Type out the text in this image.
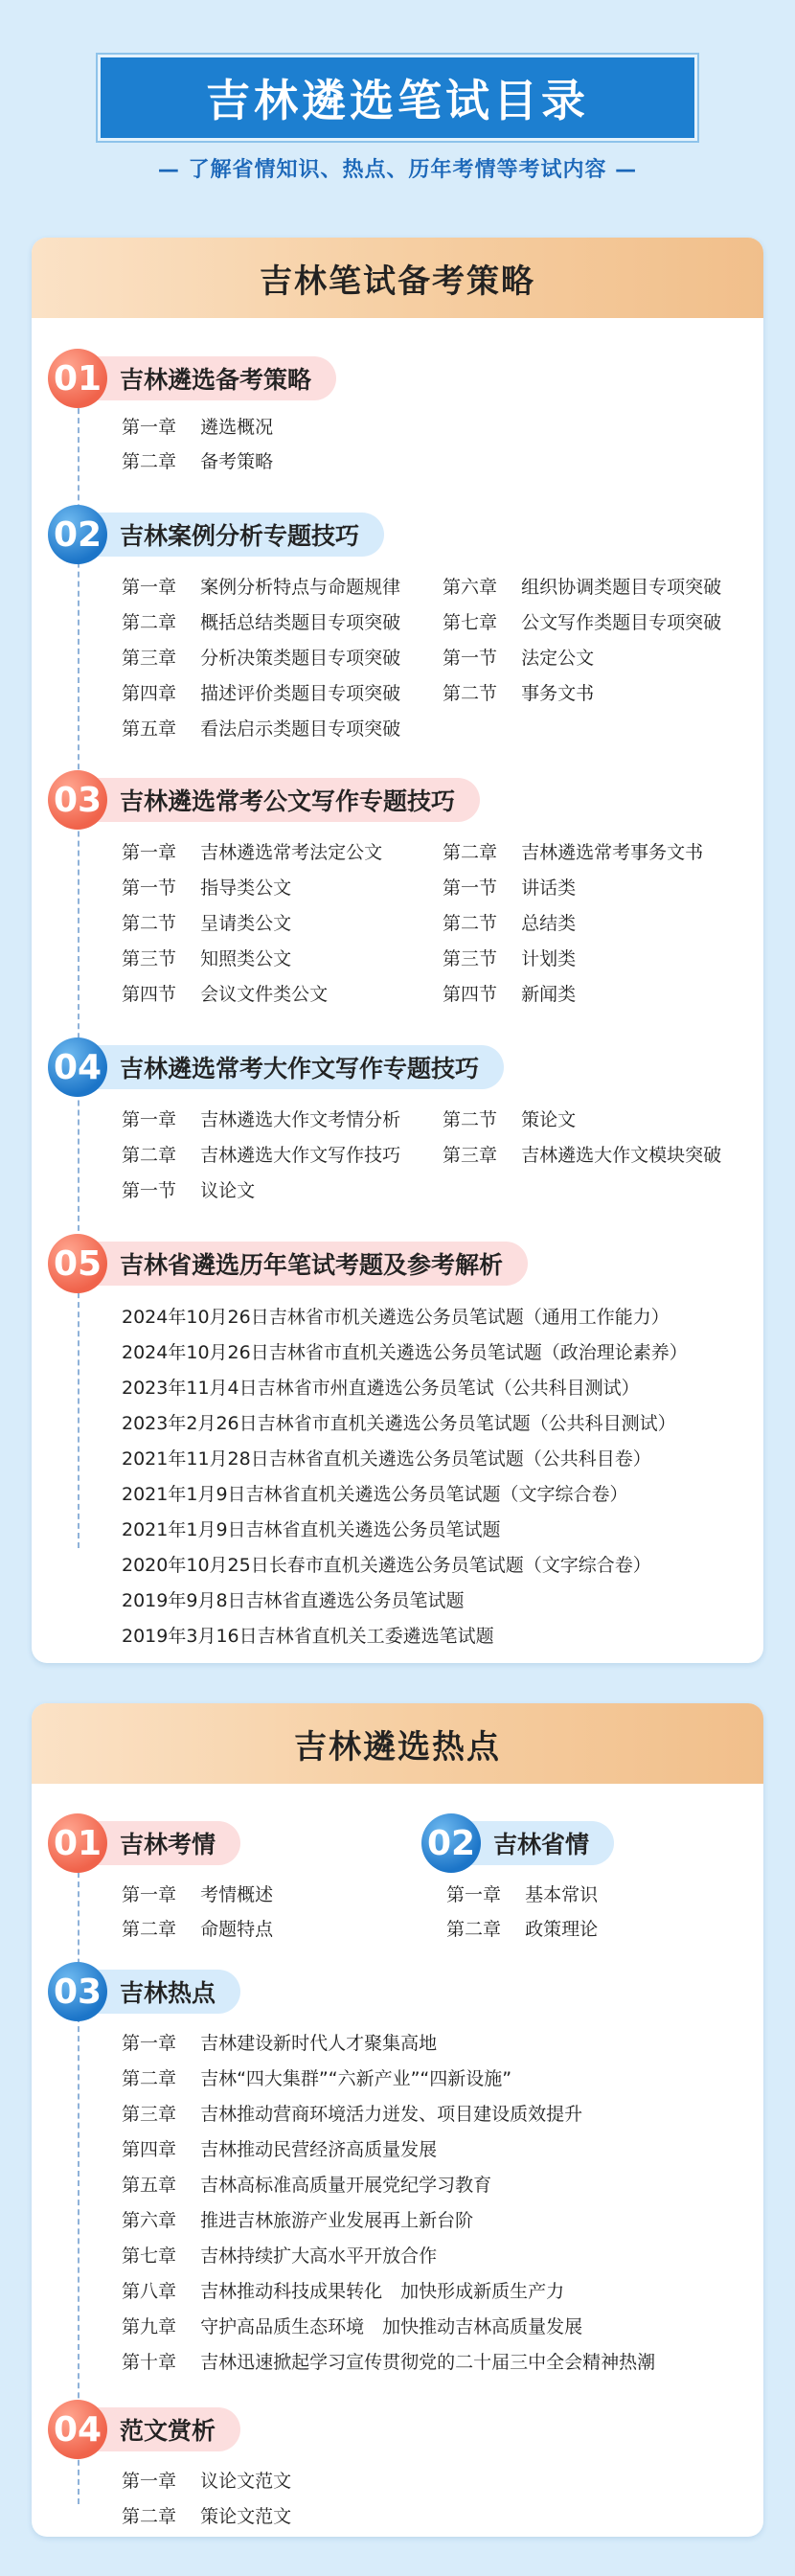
吉林遴选笔试目录
— 了解省情知识、热点、历年考情等考试内容 —
吉林笔试备考策略
吉林遴选备考策略
01
第一章　 遴选概况
第二章　 备考策略
吉林案例分析专题技巧
02
第一章　 案例分析特点与命题规律
第二章　 概括总结类题目专项突破
第三章　 分析决策类题目专项突破
第四章　 描述评价类题目专项突破
第五章　 看法启示类题目专项突破
第六章　 组织协调类题目专项突破
第七章　 公文写作类题目专项突破
第一节　 法定公文
第二节　 事务文书
吉林遴选常考公文写作专题技巧
03
第一章　 吉林遴选常考法定公文
第一节　 指导类公文
第二节　 呈请类公文
第三节　 知照类公文
第四节　 会议文件类公文
第二章　 吉林遴选常考事务文书
第一节　 讲话类
第二节　 总结类
第三节　 计划类
第四节　 新闻类
吉林遴选常考大作文写作专题技巧
04
第一章　 吉林遴选大作文考情分析
第二章　 吉林遴选大作文写作技巧
第一节　 议论文
第二节　 策论文
第三章　 吉林遴选大作文模块突破
吉林省遴选历年笔试考题及参考解析
05
2024年10月26日吉林省市机关遴选公务员笔试题（通用工作能力）
2024年10月26日吉林省市直机关遴选公务员笔试题（政治理论素养）
2023年11月4日吉林省市州直遴选公务员笔试（公共科目测试）
2023年2月26日吉林省市直机关遴选公务员笔试题（公共科目测试）
2021年11月28日吉林省直机关遴选公务员笔试题（公共科目卷）
2021年1月9日吉林省直机关遴选公务员笔试题（文字综合卷）
2021年1月9日吉林省直机关遴选公务员笔试题
2020年10月25日长春市直机关遴选公务员笔试题（文字综合卷）
2019年9月8日吉林省直遴选公务员笔试题
2019年3月16日吉林省直机关工委遴选笔试题
吉林遴选热点
吉林考情
01
第一章　 考情概述
第二章　 命题特点
吉林省情
02
第一章　 基本常识
第二章　 政策理论
吉林热点
03
第一章　 吉林建设新时代人才聚集高地
第二章　 吉林“四大集群”“六新产业”“四新设施”
第三章　 吉林推动营商环境活力迸发、项目建设质效提升
第四章　 吉林推动民营经济高质量发展
第五章　 吉林高标准高质量开展党纪学习教育
第六章　 推进吉林旅游产业发展再上新台阶
第七章　 吉林持续扩大高水平开放合作
第八章　 吉林推动科技成果转化　加快形成新质生产力
第九章　 守护高品质生态环境　加快推动吉林高质量发展
第十章　 吉林迅速掀起学习宣传贯彻党的二十届三中全会精神热潮
范文赏析
04
第一章　 议论文范文
第二章　 策论文范文
